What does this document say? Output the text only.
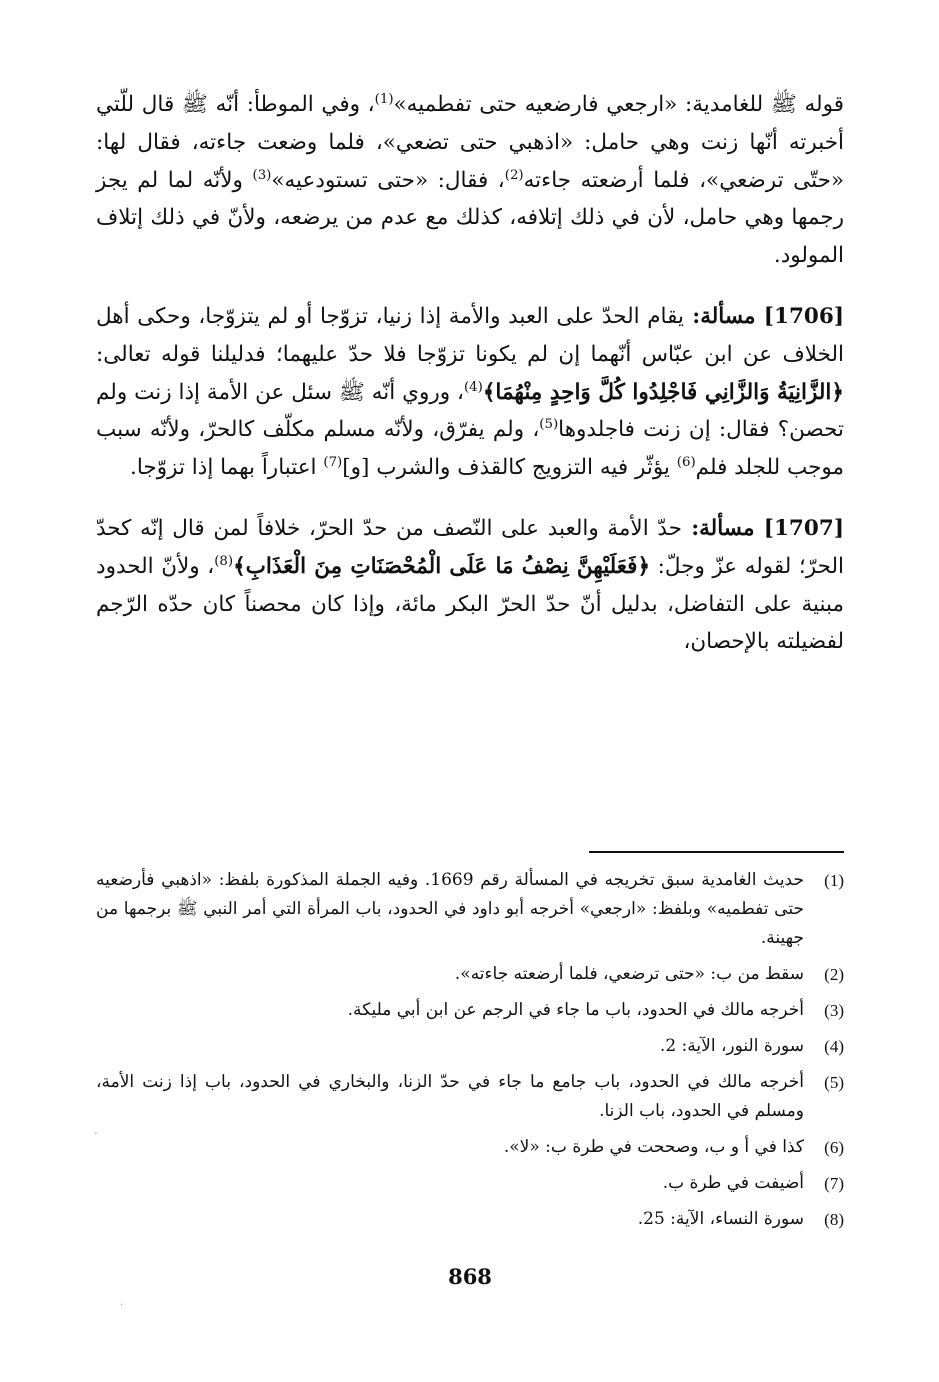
قوله ﷺ للغامدية: «ارجعي فارضعيه حتى تفطميه»$^{(1)}$، وفي الموطأ: أنّه ﷺ قال للّتي أخبرته أنّها زنت وهي حامل: «اذهبي حتى تضعي»، فلما وضعت جاءته، فقال لها: «حتّى ترضعي»، فلما أرضعته جاءته$^{(2)}$، فقال: «حتى تستودعيه»$^{(3)}$ ولأنّه لما لم يجز رجمها وهي حامل، لأن في ذلك إتلافه، كذلك مع عدم من يرضعه، ولأنّ في ذلك إتلاف المولود.

[1706] مسألة: يقام الحدّ على العبد والأمة إذا زنيا، تزوّجا أو لم يتزوّجا، وحكى أهل الخلاف عن ابن عبّاس أنّهما إن لم يكونا تزوّجا فلا حدّ عليهما؛ فدليلنا قوله تعالى: ﴿الزَّانِيَةُ وَالزَّانِي فَاجْلِدُوا كُلَّ وَاحِدٍ مِنْهُمَا﴾$^{(4)}$، وروي أنّه ﷺ سئل عن الأمة إذا زنت ولم تحصن؟ فقال: إن زنت فاجلدوها$^{(5)}$، ولم يفرّق، ولأنّه مسلم مكلّف كالحرّ، ولأنّه سبب موجب للجلد فلم$^{(6)}$ يؤثّر فيه التزويج كالقذف والشرب [و]$^{(7)}$ اعتباراً بهما إذا تزوّجا.

[1707] مسألة: حدّ الأمة والعبد على النّصف من حدّ الحرّ، خلافاً لمن قال إنّه كحدّ الحرّ؛ لقوله عزّ وجلّ: ﴿فَعَلَيْهِنَّ نِصْفُ مَا عَلَى الْمُحْصَنَاتِ مِنَ الْعَذَابِ﴾$^{(8)}$، ولأنّ الحدود مبنية على التفاضل، بدليل أنّ حدّ الحرّ البكر مائة، وإذا كان محصناً كان حدّه الرّجم لفضيلته بالإحصان،

(1)
حديث الغامدية سبق تخريجه في المسألة رقم 1669. وفيه الجملة المذكورة بلفظ: «اذهبي فأرضعيه حتى تفطميه» وبلفظ: «ارجعي» أخرجه أبو داود في الحدود، باب المرأة التي أمر النبي ﷺ برجمها من جهينة.
(2)
سقط من ب: «حتى ترضعي، فلما أرضعته جاءته».
(3)
أخرجه مالك في الحدود، باب ما جاء في الرجم عن ابن أبي مليكة.
(4)
سورة النور، الآية: 2.
(5)
أخرجه مالك في الحدود، باب جامع ما جاء في حدّ الزنا، والبخاري في الحدود، باب إذا زنت الأمة، ومسلم في الحدود، باب الزنا.
(6)
كذا في أ و ب، وصححت في طرة ب: «لا».
(7)
أضيفت في طرة ب.
(8)
سورة النساء، الآية: 25.
868
-
·
